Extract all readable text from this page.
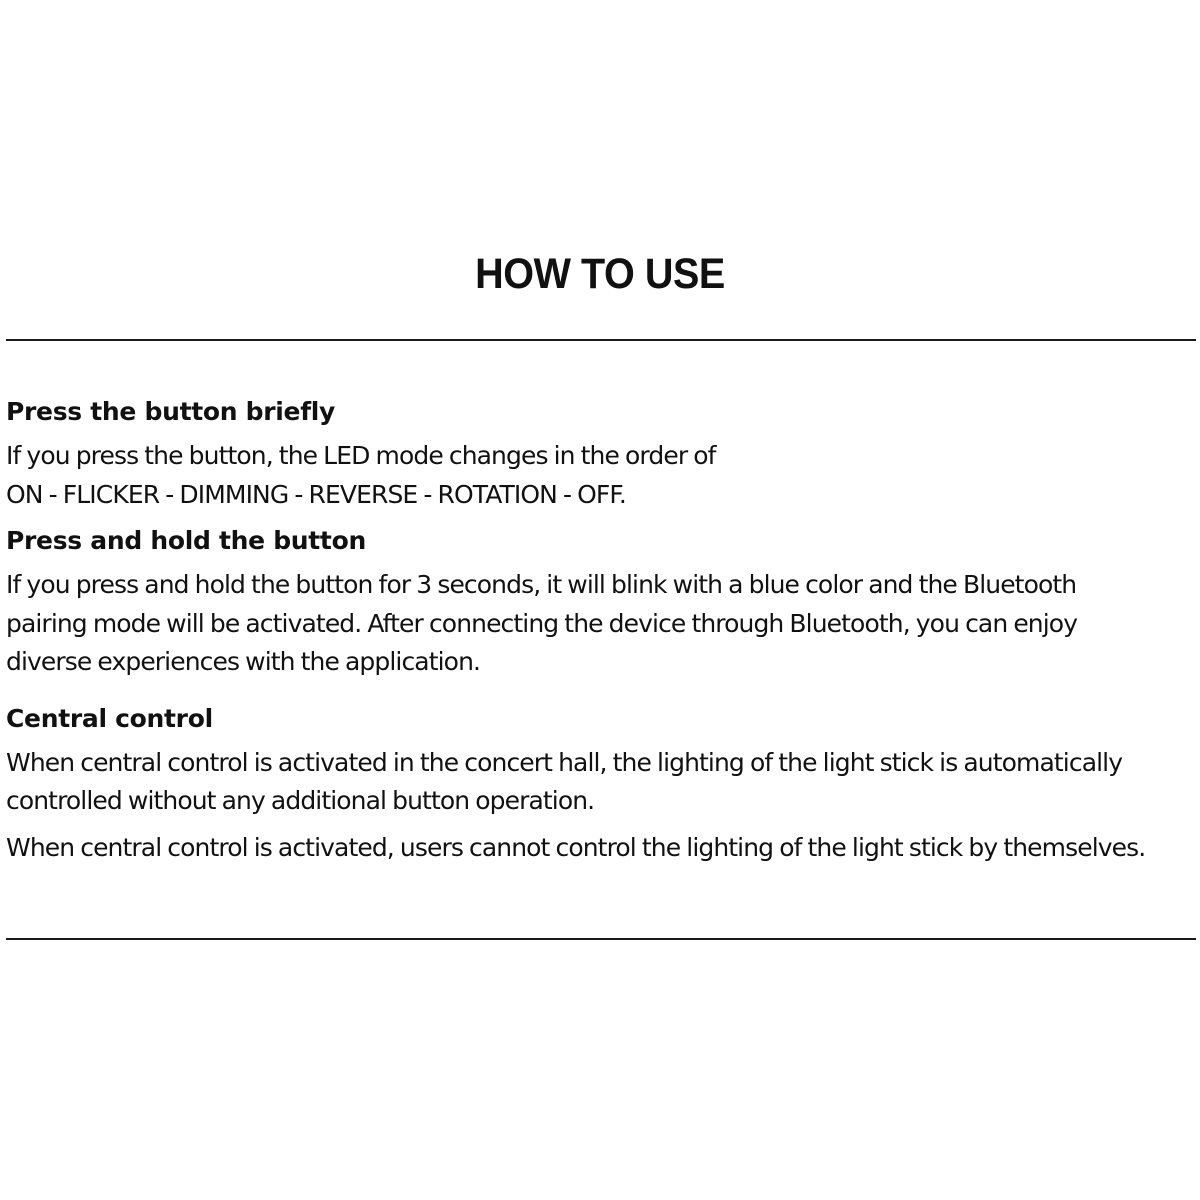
HOW TO USE

Press the button briefly

If you press the button, the LED mode changes in the order of
ON - FLICKER - DIMMING - REVERSE - ROTATION - OFF.

Press and hold the button

If you press and hold the button for 3 seconds, it will blink with a blue color and the Bluetooth
pairing mode will be activated. After connecting the device through Bluetooth, you can enjoy
diverse experiences with the application.

Central control

When central control is activated in the concert hall, the lighting of the light stick is automatically
controlled without any additional button operation.

When central control is activated, users cannot control the lighting of the light stick by themselves.
